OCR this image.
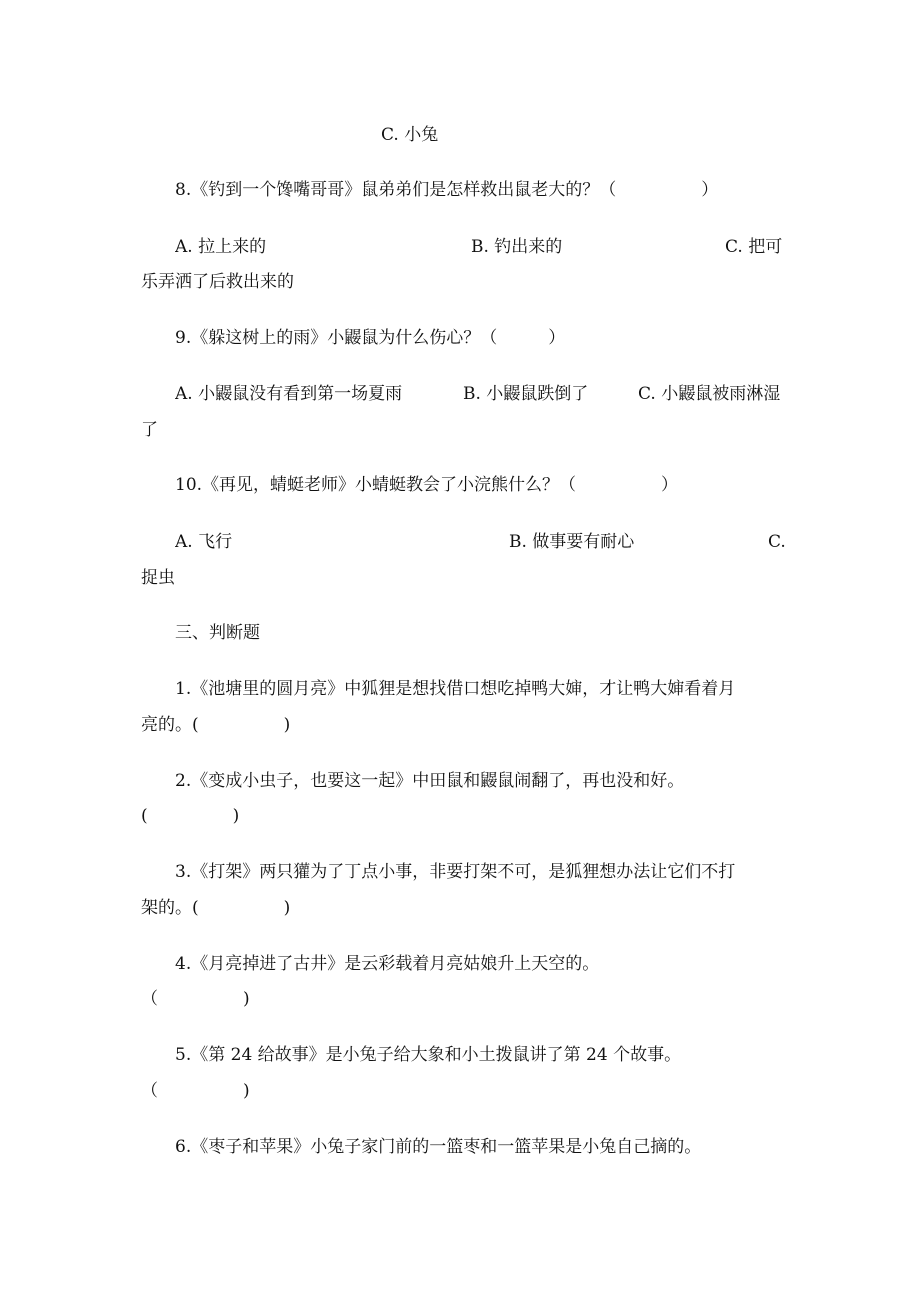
C. 小兔
8.《钓到一个馋嘴哥哥》鼠弟弟们是怎样救出鼠老大的？（　　　　　）
A. 拉上来的	B. 钓出来的	C. 把可
乐弄洒了后救出来的
9.《躲这树上的雨》小鼹鼠为什么伤心？（　　　）
A. 小鼹鼠没有看到第一场夏雨	B. 小鼹鼠跌倒了	C. 小鼹鼠被雨淋湿
了
10.《再见，蜻蜓老师》小蜻蜓教会了小浣熊什么？（　　　　　）
A. 飞行	B. 做事要有耐心	C.
捉虫
三、判断题
1.《池塘里的圆月亮》中狐狸是想找借口想吃掉鸭大婶，才让鸭大婶看着月
亮的。(　　　　　)
2.《变成小虫子，也要这一起》中田鼠和鼹鼠闹翻了，再也没和好。
(　　　　　)
3.《打架》两只獾为了丁点小事，非要打架不可，是狐狸想办法让它们不打
架的。(　　　　　)
4.《月亮掉进了古井》是云彩载着月亮姑娘升上天空的。
（　　　　　)
5.《第 24 给故事》是小兔子给大象和小土拨鼠讲了第 24 个故事。
（　　　　　)
6.《枣子和苹果》小兔子家门前的一篮枣和一篮苹果是小兔自己摘的。
